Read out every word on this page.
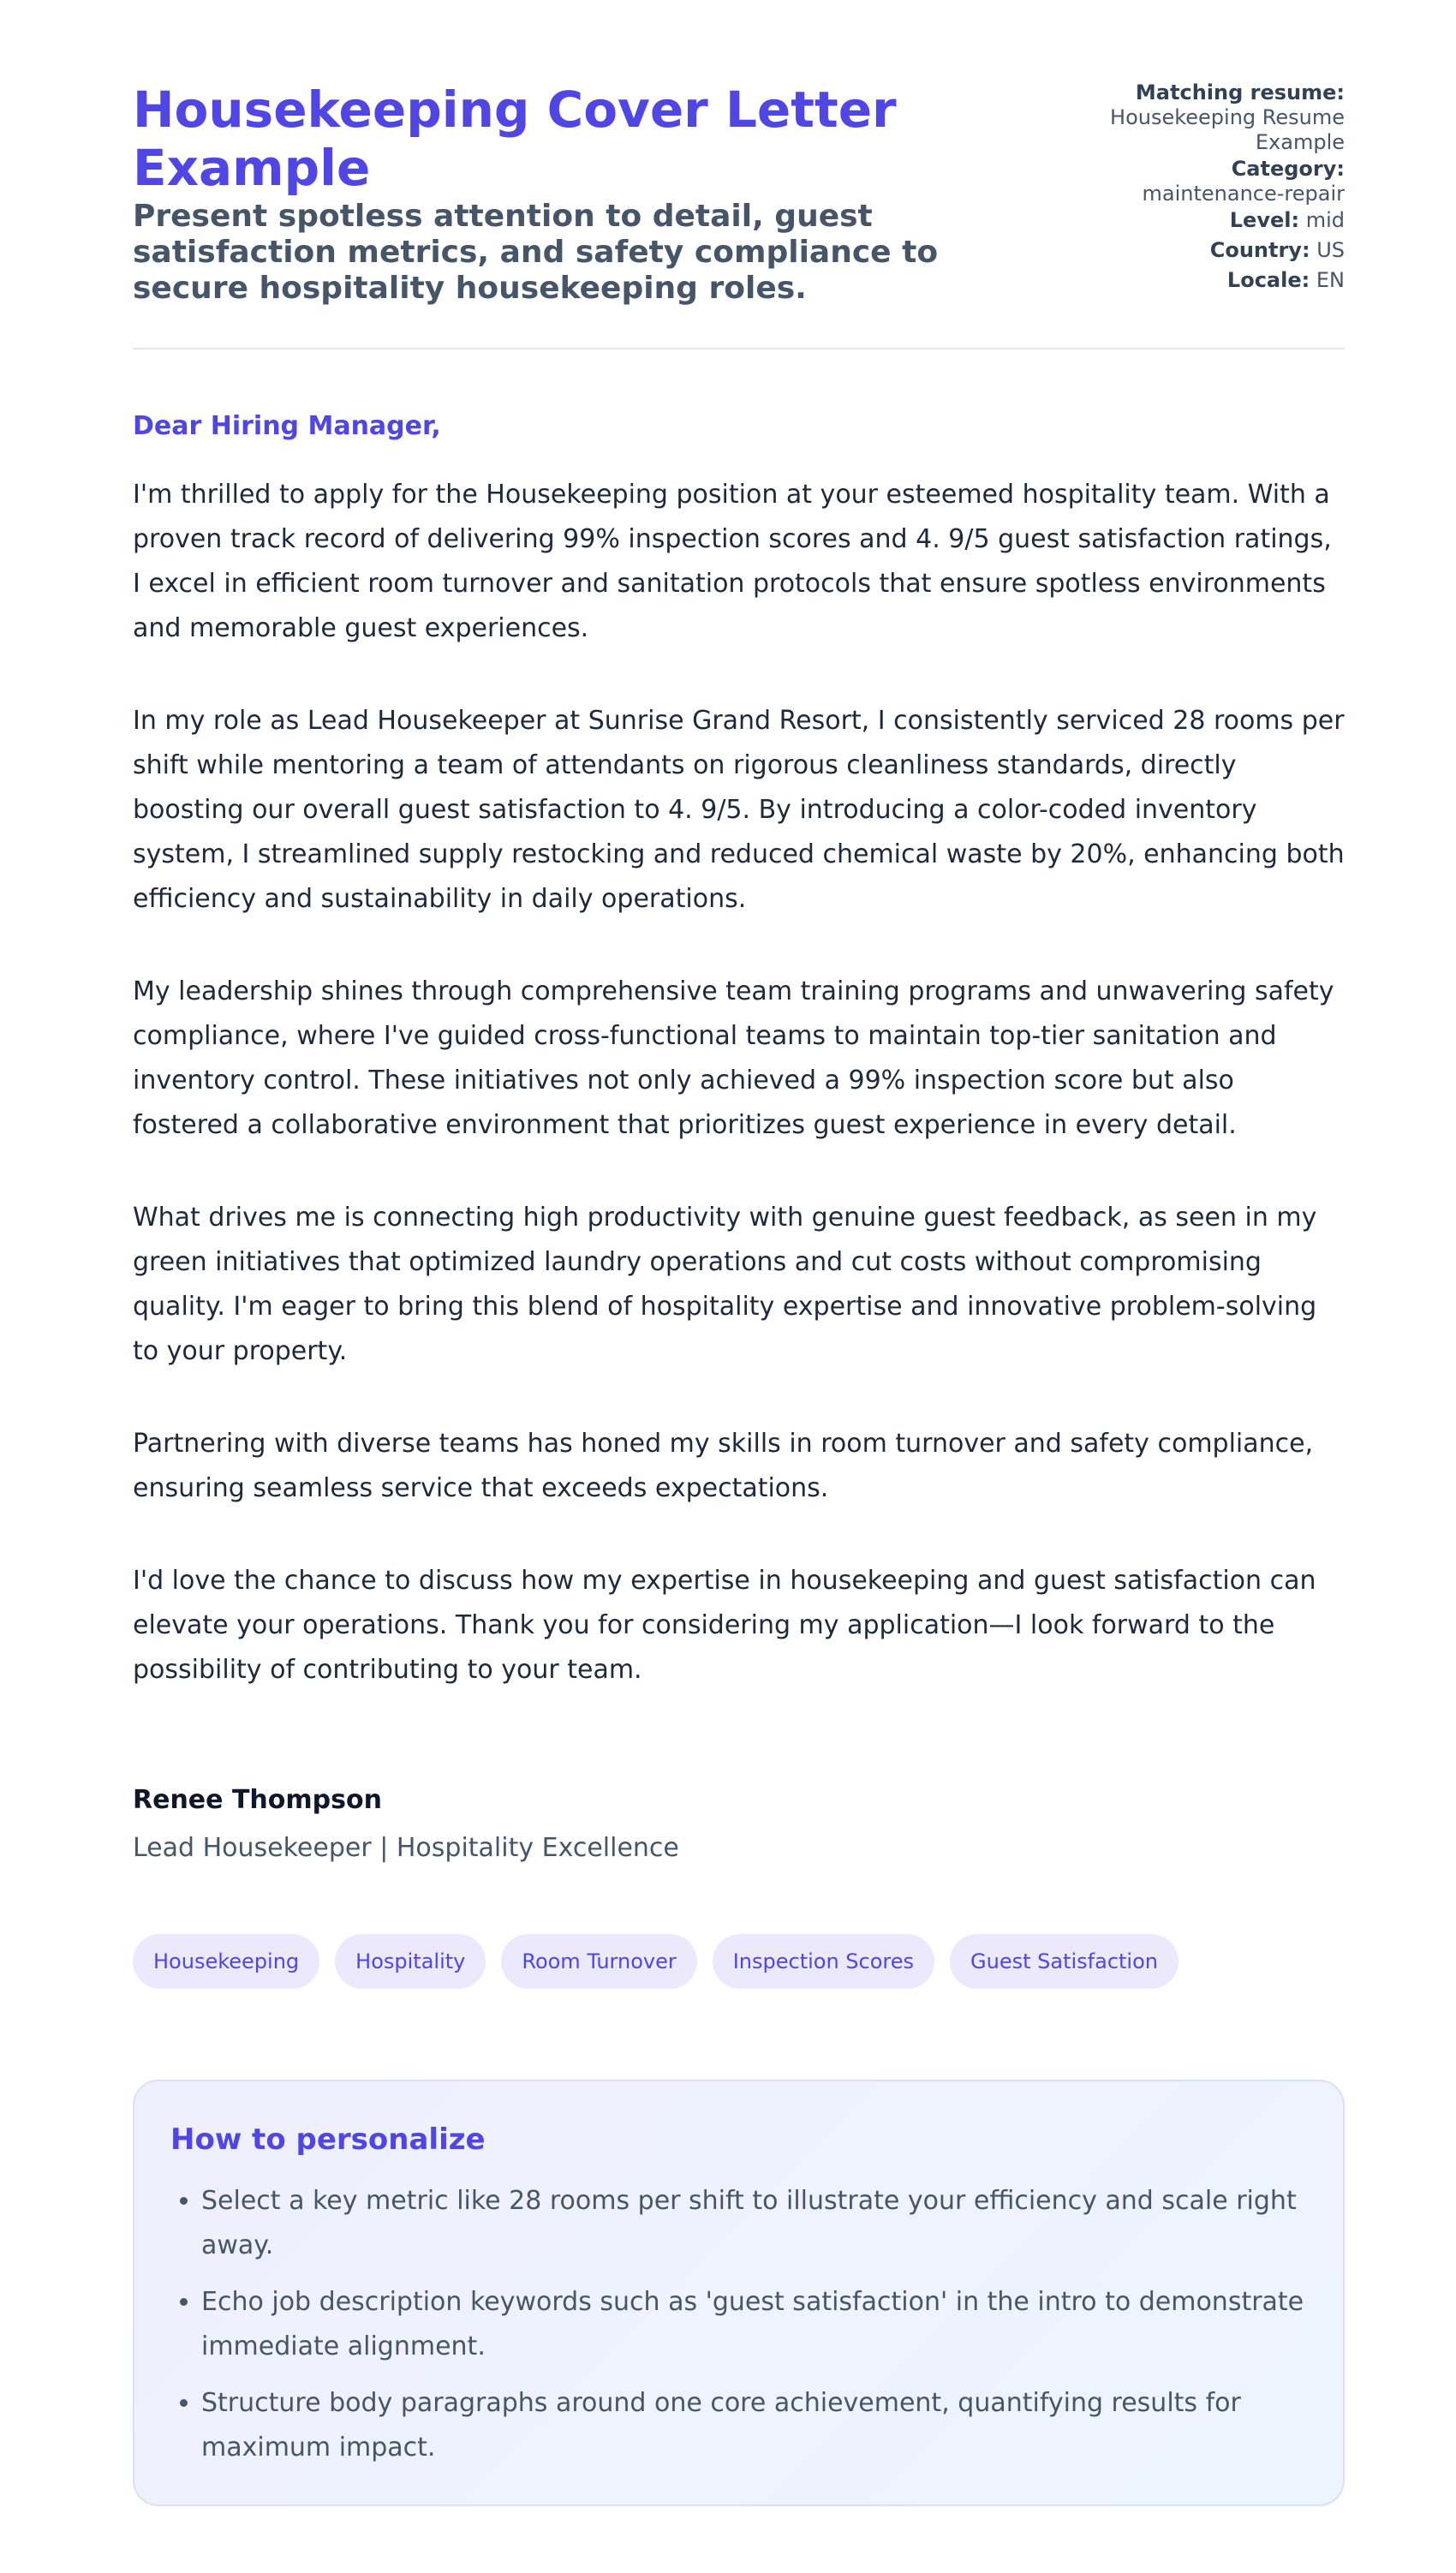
Housekeeping Cover Letter Example
Present spotless attention to detail, guest satisfaction metrics, and safety compliance to secure hospitality housekeeping roles.
Matching resume:
Housekeeping Resume Example
Category:
maintenance-repair
Level: mid
Country: US
Locale: EN

Dear Hiring Manager,

I'm thrilled to apply for the Housekeeping position at your esteemed hospitality team. With a proven track record of delivering 99% inspection scores and 4. 9/5 guest satisfaction ratings, I excel in efficient room turnover and sanitation protocols that ensure spotless environments and memorable guest experiences.

In my role as Lead Housekeeper at Sunrise Grand Resort, I consistently serviced 28 rooms per shift while mentoring a team of attendants on rigorous cleanliness standards, directly boosting our overall guest satisfaction to 4. 9/5. By introducing a color-coded inventory system, I streamlined supply restocking and reduced chemical waste by 20%, enhancing both efficiency and sustainability in daily operations.

My leadership shines through comprehensive team training programs and unwavering safety compliance, where I've guided cross-functional teams to maintain top-tier sanitation and inventory control. These initiatives not only achieved a 99% inspection score but also fostered a collaborative environment that prioritizes guest experience in every detail.

What drives me is connecting high productivity with genuine guest feedback, as seen in my green initiatives that optimized laundry operations and cut costs without compromising quality. I'm eager to bring this blend of hospitality expertise and innovative problem-solving to your property.

Partnering with diverse teams has honed my skills in room turnover and safety compliance, ensuring seamless service that exceeds expectations.

I'd love the chance to discuss how my expertise in housekeeping and guest satisfaction can elevate your operations. Thank you for considering my application—I look forward to the possibility of contributing to your team.

Renee Thompson
Lead Housekeeper | Hospitality Excellence
Housekeeping	Hospitality	Room Turnover	Inspection Scores	Guest Satisfaction
How to personalize
• Select a key metric like 28 rooms per shift to illustrate your efficiency and scale right away.
• Echo job description keywords such as 'guest satisfaction' in the intro to demonstrate immediate alignment.
• Structure body paragraphs around one core achievement, quantifying results for maximum impact.
